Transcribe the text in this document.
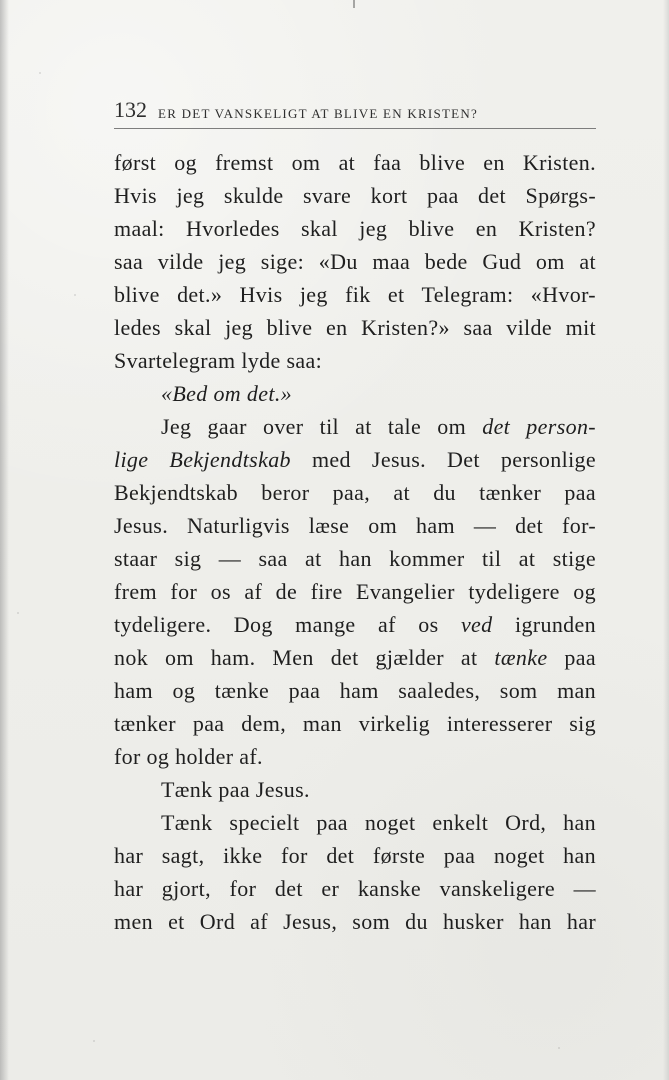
132 ER DET VANSKELIGT AT BLIVE EN KRISTEN?
først og fremst om at faa blive en Kristen.
Hvis jeg skulde svare kort paa det Spørgs-
maal: Hvorledes skal jeg blive en Kristen?
saa vilde jeg sige: «Du maa bede Gud om at
blive det.» Hvis jeg fik et Telegram: «Hvor-
ledes skal jeg blive en Kristen?» saa vilde mit
Svartelegram lyde saa:
«Bed om det.»
Jeg gaar over til at tale om det person-
lige Bekjendtskab med Jesus. Det personlige
Bekjendtskab beror paa, at du tænker paa
Jesus. Naturligvis læse om ham — det for-
staar sig — saa at han kommer til at stige
frem for os af de fire Evangelier tydeligere og
tydeligere. Dog mange af os ved igrunden
nok om ham. Men det gjælder at tænke paa
ham og tænke paa ham saaledes, som man
tænker paa dem, man virkelig interesserer sig
for og holder af.
Tænk paa Jesus.
Tænk specielt paa noget enkelt Ord, han
har sagt, ikke for det første paa noget han
har gjort, for det er kanske vanskeligere —
men et Ord af Jesus, som du husker han har
